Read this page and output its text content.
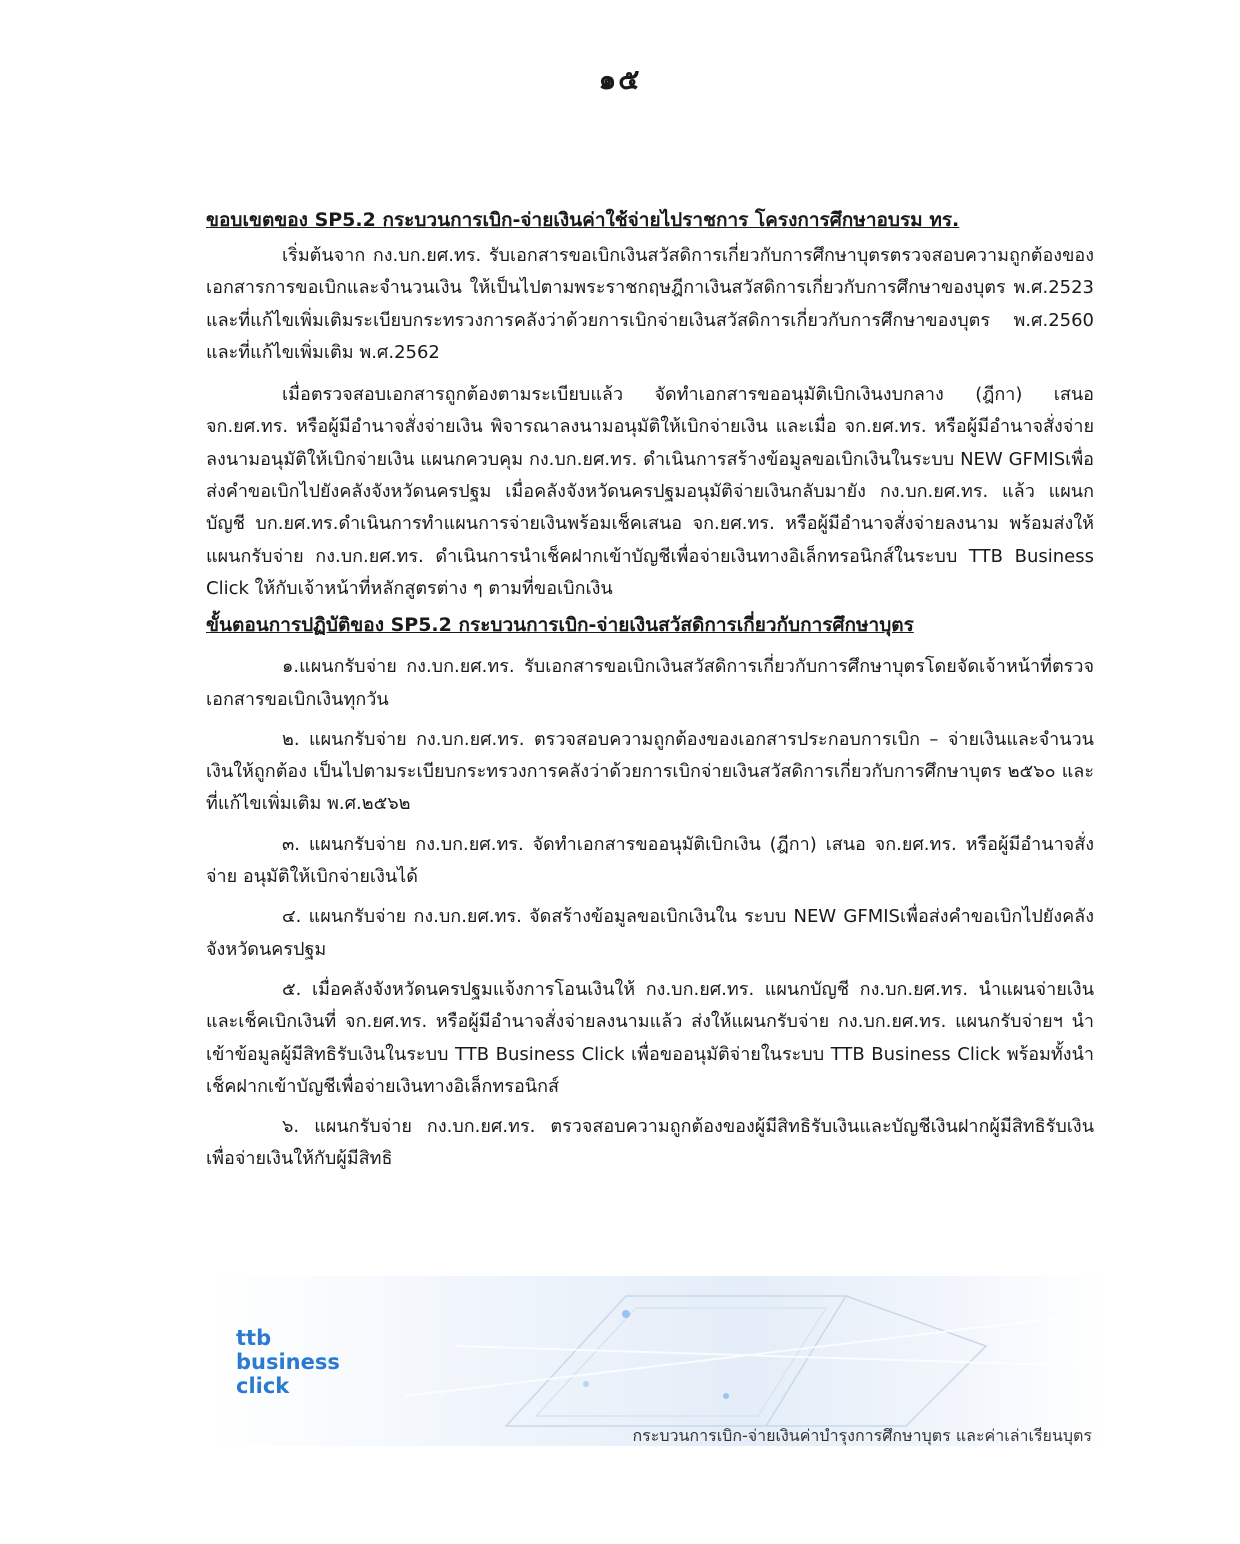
๑๕

ขอบเขตของ SP5.2 กระบวนการเบิก-จ่ายเงินค่าใช้จ่ายไปราชการ โครงการศึกษาอบรม ทร.

เริ่มต้นจาก กง.บก.ยศ.ทร. รับเอกสารขอเบิกเงินสวัสดิการเกี่ยวกับการศึกษาบุตรตรวจสอบความถูกต้องของเอกสารการขอเบิกและจำนวนเงิน ให้เป็นไปตามพระราชกฤษฎีกาเงินสวัสดิการเกี่ยวกับการศึกษาของบุตร พ.ศ.2523 และที่แก้ไขเพิ่มเติมระเบียบกระทรวงการคลังว่าด้วยการเบิกจ่ายเงินสวัสดิการเกี่ยวกับการศึกษาของบุตร พ.ศ.2560 และที่แก้ไขเพิ่มเติม พ.ศ.2562

เมื่อตรวจสอบเอกสารถูกต้องตามระเบียบแล้ว จัดทำเอกสารขออนุมัติเบิกเงินงบกลาง (ฎีกา) เสนอ จก.ยศ.ทร. หรือผู้มีอำนาจสั่งจ่ายเงิน พิจารณาลงนามอนุมัติให้เบิกจ่ายเงิน และเมื่อ จก.ยศ.ทร. หรือผู้มีอำนาจสั่งจ่ายลงนามอนุมัติให้เบิกจ่ายเงิน แผนกควบคุม กง.บก.ยศ.ทร. ดำเนินการสร้างข้อมูลขอเบิกเงินในระบบ NEW GFMISเพื่อส่งคำขอเบิกไปยังคลังจังหวัดนครปฐม เมื่อคลังจังหวัดนครปฐมอนุมัติจ่ายเงินกลับมายัง กง.บก.ยศ.ทร. แล้ว แผนกบัญชี บก.ยศ.ทร.ดำเนินการทำแผนการจ่ายเงินพร้อมเช็คเสนอ จก.ยศ.ทร. หรือผู้มีอำนาจสั่งจ่ายลงนาม พร้อมส่งให้แผนกรับจ่าย กง.บก.ยศ.ทร. ดำเนินการนำเช็คฝากเข้าบัญชีเพื่อจ่ายเงินทางอิเล็กทรอนิกส์ในระบบ TTB Business Click ให้กับเจ้าหน้าที่หลักสูตรต่าง ๆ ตามที่ขอเบิกเงิน

ขั้นตอนการปฏิบัติของ SP5.2 กระบวนการเบิก-จ่ายเงินสวัสดิการเกี่ยวกับการศึกษาบุตร

๑.แผนกรับจ่าย กง.บก.ยศ.ทร. รับเอกสารขอเบิกเงินสวัสดิการเกี่ยวกับการศึกษาบุตรโดยจัดเจ้าหน้าที่ตรวจเอกสารขอเบิกเงินทุกวัน

๒. แผนกรับจ่าย กง.บก.ยศ.ทร. ตรวจสอบความถูกต้องของเอกสารประกอบการเบิก – จ่ายเงินและจำนวนเงินให้ถูกต้อง เป็นไปตามระเบียบกระทรวงการคลังว่าด้วยการเบิกจ่ายเงินสวัสดิการเกี่ยวกับการศึกษาบุตร ๒๕๖๐ และที่แก้ไขเพิ่มเติม พ.ศ.๒๕๖๒

๓. แผนกรับจ่าย กง.บก.ยศ.ทร. จัดทำเอกสารขออนุมัติเบิกเงิน (ฎีกา) เสนอ จก.ยศ.ทร. หรือผู้มีอำนาจสั่งจ่าย อนุมัติให้เบิกจ่ายเงินได้

๔. แผนกรับจ่าย กง.บก.ยศ.ทร. จัดสร้างข้อมูลขอเบิกเงินใน ระบบ NEW GFMISเพื่อส่งคำขอเบิกไปยังคลังจังหวัดนครปฐม

๕. เมื่อคลังจังหวัดนครปฐมแจ้งการโอนเงินให้ กง.บก.ยศ.ทร. แผนกบัญชี กง.บก.ยศ.ทร. นำแผนจ่ายเงินและเช็คเบิกเงินที่ จก.ยศ.ทร. หรือผู้มีอำนาจสั่งจ่ายลงนามแล้ว ส่งให้แผนกรับจ่าย กง.บก.ยศ.ทร. แผนกรับจ่ายฯ นำเข้าข้อมูลผู้มีสิทธิรับเงินในระบบ TTB Business Click เพื่อขออนุมัติจ่ายในระบบ TTB Business Click พร้อมทั้งนำเช็คฝากเข้าบัญชีเพื่อจ่ายเงินทางอิเล็กทรอนิกส์

๖. แผนกรับจ่าย กง.บก.ยศ.ทร. ตรวจสอบความถูกต้องของผู้มีสิทธิรับเงินและบัญชีเงินฝากผู้มีสิทธิรับเงินเพื่อจ่ายเงินให้กับผู้มีสิทธิ

ttb
business
click
กระบวนการเบิก-จ่ายเงินค่าบำรุงการศึกษาบุตร และค่าเล่าเรียนบุตร
